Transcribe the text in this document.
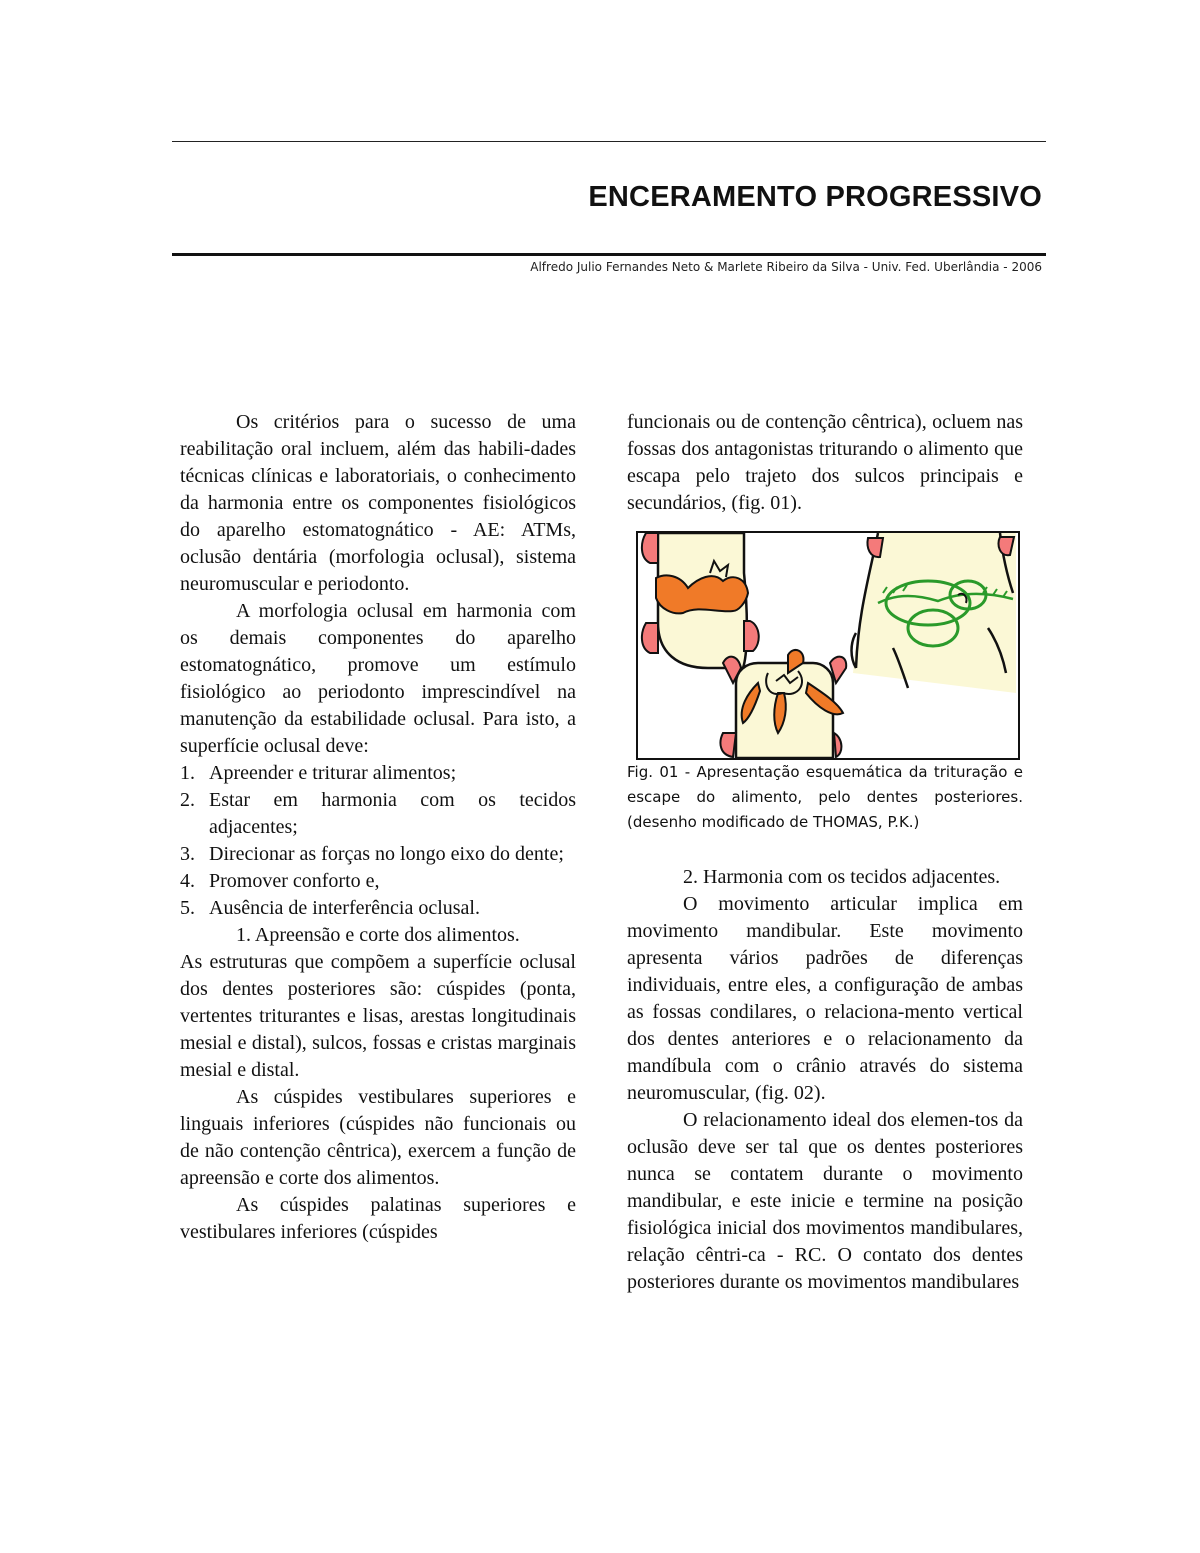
ENCERAMENTO PROGRESSIVO
Alfredo Julio Fernandes Neto & Marlete Ribeiro da Silva - Univ. Fed. Uberlândia - 2006

Os critérios para o sucesso de uma reabilitação oral incluem, além das habili-dades técnicas clínicas e laboratoriais, o conhecimento da harmonia entre os componentes fisiológicos do aparelho estomatognático - AE: ATMs, oclusão dentária (morfologia oclusal), sistema neuromuscular e periodonto.

A morfologia oclusal em harmonia com os demais componentes do aparelho estomatognático, promove um estímulo fisiológico ao periodonto imprescindível na manutenção da estabilidade oclusal. Para isto, a superfície oclusal deve:

1. Apreender e triturar alimentos;
2. Estar em harmonia com os tecidos adjacentes;
3. Direcionar as forças no longo eixo do dente;
4. Promover conforto e,
5. Ausência de interferência oclusal.

1. Apreensão e corte dos alimentos.

As estruturas que compõem a superfície oclusal dos dentes posteriores são: cúspides (ponta, vertentes triturantes e lisas, arestas longitudinais mesial e distal), sulcos, fossas e cristas marginais mesial e distal.

As cúspides vestibulares superiores e linguais inferiores (cúspides não funcionais ou de não contenção cêntrica), exercem a função de apreensão e corte dos alimentos.

As cúspides palatinas superiores e vestibulares inferiores (cúspides

funcionais ou de contenção cêntrica), ocluem nas fossas dos antagonistas triturando o alimento que escapa pelo trajeto dos sulcos principais e secundários, (fig. 01).

Fig. 01 - Apresentação esquemática da trituração e escape do alimento, pelo dentes posteriores. (desenho modificado de THOMAS, P.K.)

2. Harmonia com os tecidos adjacentes.

O movimento articular implica em movimento mandibular. Este movimento apresenta vários padrões de diferenças individuais, entre eles, a configuração de ambas as fossas condilares, o relaciona-mento vertical dos dentes anteriores e o relacionamento da mandíbula com o crânio através do sistema neuromuscular, (fig. 02).

O relacionamento ideal dos elemen-tos da oclusão deve ser tal que os dentes posteriores nunca se contatem durante o movimento mandibular, e este inicie e termine na posição fisiológica inicial dos movimentos mandibulares, relação cêntri-ca - RC. O contato dos dentes posteriores durante os movimentos mandibulares
